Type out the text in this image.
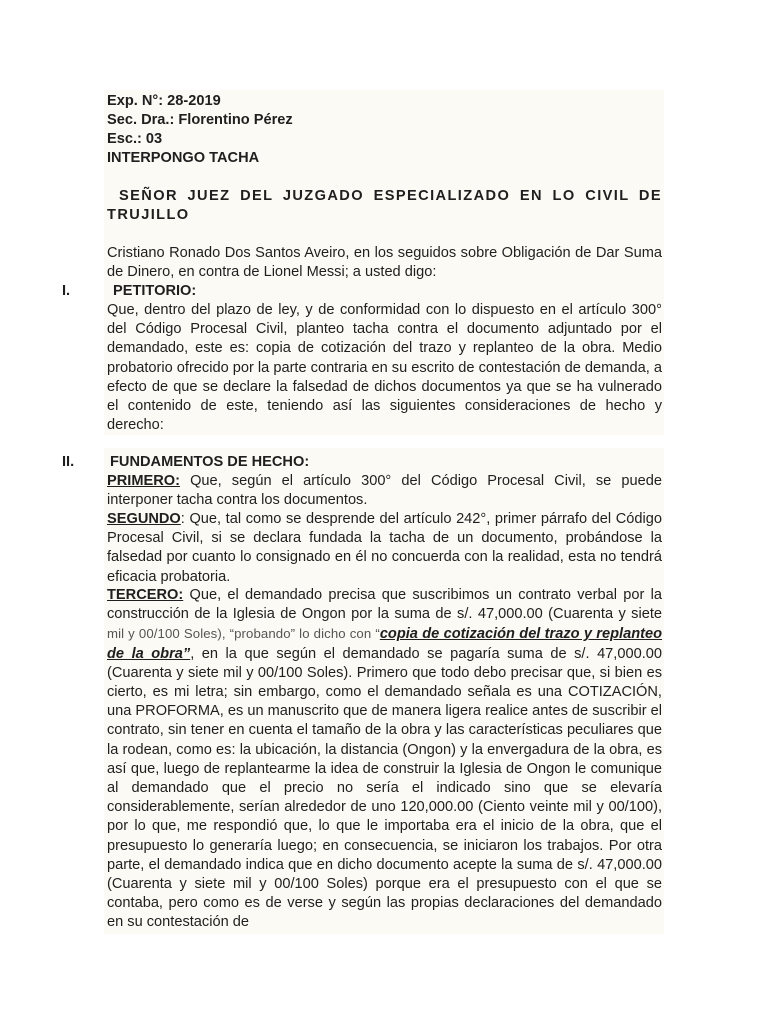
Exp. N°: 28-2019

Sec. Dra.: Florentino Pérez

Esc.: 03

INTERPONGO TACHA

SEÑOR JUEZ DEL JUZGADO ESPECIALIZADO EN LO CIVIL DE TRUJILLO

Cristiano Ronado Dos Santos Aveiro, en los seguidos sobre Obligación de Dar Suma de Dinero, en contra de Lionel Messi; a usted digo:

I.	PETITORIO:

Que, dentro del plazo de ley, y de conformidad con lo dispuesto en el artículo 300° del Código Procesal Civil, planteo tacha contra el documento adjuntado por el demandado, este es: copia de cotización del trazo y replanteo de la obra. Medio probatorio ofrecido por la parte contraria en su escrito de contestación de demanda, a efecto de que se declare la falsedad de dichos documentos ya que se ha vulnerado el contenido de este, teniendo así las siguientes consideraciones de hecho y derecho:

II. FUNDAMENTOS DE HECHO:

PRIMERO: Que, según el artículo 300° del Código Procesal Civil, se puede interponer tacha contra los documentos.

SEGUNDO: Que, tal como se desprende del artículo 242°, primer párrafo del Código Procesal Civil, si se declara fundada la tacha de un documento, probándose la falsedad por cuanto lo consignado en él no concuerda con la realidad, esta no tendrá eficacia probatoria.

TERCERO: Que, el demandado precisa que suscribimos un contrato verbal por la construcción de la Iglesia de Ongon por la suma de s/. 47,000.00 (Cuarenta y siete mil y 00/100 Soles), “probando” lo dicho con “copia de cotización del trazo y replanteo de la obra”, en la que según el demandado se pagaría suma de s/. 47,000.00 (Cuarenta y siete mil y 00/100 Soles). Primero que todo debo precisar que, si bien es cierto, es mi letra; sin embargo, como el demandado señala es una COTIZACIÓN, una PROFORMA, es un manuscrito que de manera ligera realice antes de suscribir el contrato, sin tener en cuenta el tamaño de la obra y las características peculiares que la rodean, como es: la ubicación, la distancia (Ongon) y la envergadura de la obra, es así que, luego de replantearme la idea de construir la Iglesia de Ongon le comunique al demandado que el precio no sería el indicado sino que se elevaría considerablemente, serían alrededor de uno 120,000.00 (Ciento veinte mil y 00/100), por lo que, me respondió que, lo que le importaba era el inicio de la obra, que el presupuesto lo generaría luego; en consecuencia, se iniciaron los trabajos. Por otra parte, el demandado indica que en dicho documento acepte la suma de s/. 47,000.00 (Cuarenta y siete mil y 00/100 Soles) porque era el presupuesto con el que se contaba, pero como es de verse y según las propias declaraciones del demandado en su contestación de
